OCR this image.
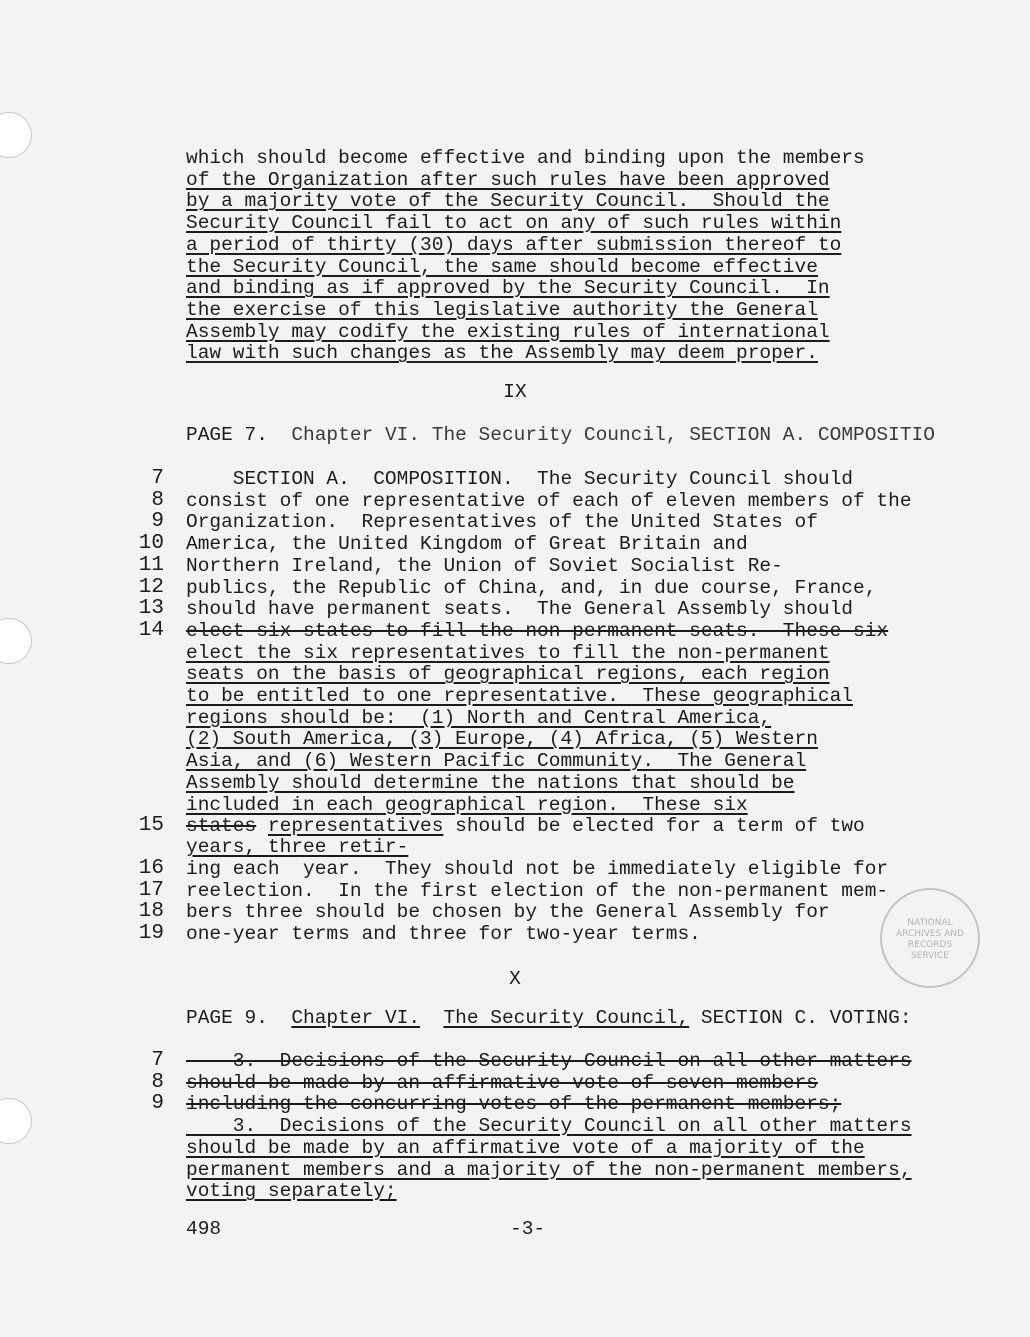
which should become effective and binding upon the members
of the Organization after such rules have been approved
by a majority vote of the Security Council.  Should the
Security Council fail to act on any of such rules within
a period of thirty (30) days after submission thereof to
the Security Council, the same should become effective
and binding as if approved by the Security Council.  In
the exercise of this legislative authority the General
Assembly may codify the existing rules of international
law with such changes as the Assembly may deem proper.
IX
PAGE 7. Chapter VI. The Security Council, SECTION A. COMPOSITIO
7 SECTION A.  COMPOSITION.  The Security Council should
8 consist of one representative of each of eleven members of the
9 Organization.  Representatives of the United States of
10 America, the United Kingdom of Great Britain and
11 Northern Ireland, the Union of Soviet Socialist Re-
12 publics, the Republic of China, and, in due course, France,
13 should have permanent seats.  The General Assembly should
14 elect-six-states-to-fill-the-non-permanent-seats.--These-six
elect the six representatives to fill the non-permanent
seats on the basis of geographical regions, each region
to be entitled to one representative.  These geographical
regions should be:  (1) North and Central America,
(2) South America, (3) Europe, (4) Africa, (5) Western
Asia, and (6) Western Pacific Community.  The General
Assembly should determine the nations that should be
included in each geographical region.  These six
15 states representatives should be elected for a term of two
years, three retir-
16 ing each  year.  They should not be immediately eligible for
17 reelection.  In the first election of the non-permanent mem-
18 bers three should be chosen by the General Assembly for
19 one-year terms and three for two-year terms.
NATIONAL
ARCHIVES AND
RECORDS
SERVICE
X
PAGE 9. Chapter VI. The Security Council, SECTION C. VOTING:
7 3.--Decisions-of-the-Security-Council-on-all-other-matters
8 should-be-made-by-an-affirmative-vote-of-seven-members
9 including-the-concurring-votes-of-the-permanent-members;
3.  Decisions of the Security Council on all other matters
should be made by an affirmative vote of a majority of the
permanent members and a majority of the non-permanent members,
voting separately;
498	-3-
